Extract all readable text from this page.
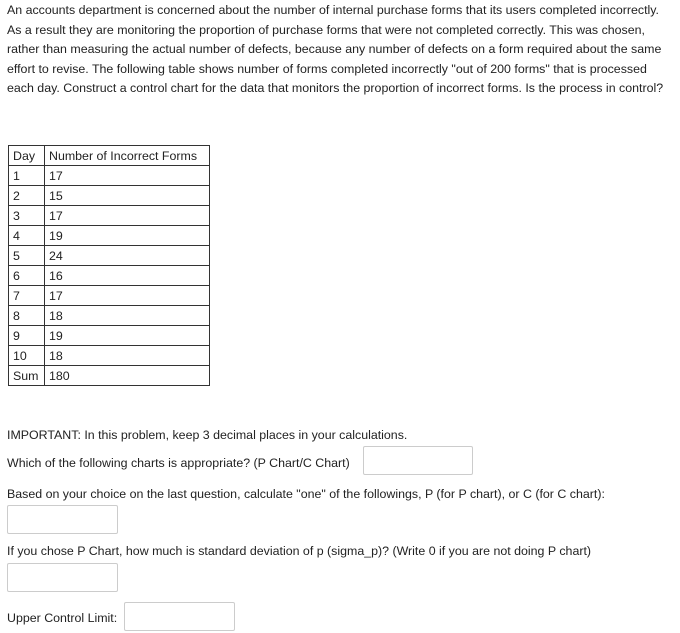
An accounts department is concerned about the number of internal purchase forms that its users completed incorrectly. As a result they are monitoring the proportion of purchase forms that were not completed correctly. This was chosen, rather than measuring the actual number of defects, because any number of defects on a form required about the same effort to revise. The following table shows number of forms completed incorrectly "out of 200 forms" that is processed each day. Construct a control chart for the data that monitors the proportion of incorrect forms. Is the process in control?

Day	Number of Incorrect Forms
1	17
2	15
3	17
4	19
5	24
6	16
7	17
8	18
9	19
10	18
Sum	180

IMPORTANT: In this problem, keep 3 decimal places in your calculations.

Which of the following charts is appropriate? (P Chart/C Chart)

Based on your choice on the last question, calculate "one" of the followings, P (for P chart), or C (for C chart):

If you chose P Chart, how much is standard deviation of p (sigma_p)? (Write 0 if you are not doing P chart)

Upper Control Limit:
